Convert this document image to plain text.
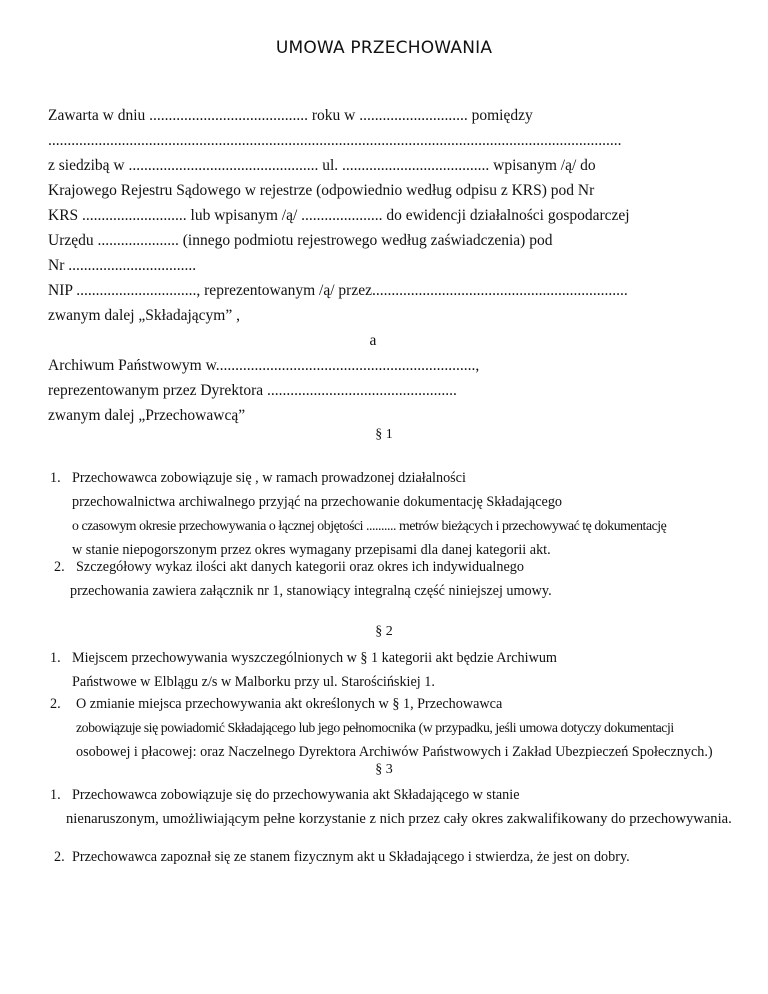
UMOWA PRZECHOWANIA
Zawarta w dniu ......................................... roku w ............................ pomiędzy
....................................................................................................................................................
z siedzibą w ................................................. ul. ...................................... wpisanym /ą/ do
Krajowego Rejestru Sądowego w rejestrze (odpowiednio według odpisu z KRS) pod Nr
KRS ........................... lub wpisanym /ą/ ..................... do ewidencji działalności gospodarczej
Urzędu ..................... (innego podmiotu rejestrowego według zaświadczenia) pod
Nr .................................
NIP ..............................., reprezentowanym /ą/ przez..................................................................
zwanym dalej „Składającym” ,
a
Archiwum Państwowym w...................................................................,
reprezentowanym przez Dyrektora .................................................
zwanym dalej „Przechowawcą”
§ 1
1. Przechowawca zobowiązuje się , w ramach prowadzonej działalności
przechowalnictwa archiwalnego przyjąć na przechowanie dokumentację Składającego
o czasowym okresie przechowywania o łącznej objętości .......... metrów bieżących i przechowywać tę dokumentację
w stanie niepogorszonym przez okres wymagany przepisami dla danej kategorii akt.
2. Szczegółowy wykaz ilości akt danych kategorii oraz okres ich indywidualnego
przechowania zawiera załącznik nr 1, stanowiący integralną część niniejszej umowy.
§ 2
1. Miejscem przechowywania wyszczególnionych w § 1 kategorii akt będzie Archiwum
Państwowe w Elblągu z/s w Malborku przy ul. Starościńskiej 1.
2. O zmianie miejsca przechowywania akt określonych w § 1, Przechowawca
zobowiązuje się powiadomić Składającego lub jego pełnomocnika (w przypadku, jeśli umowa dotyczy dokumentacji
osobowej i płacowej: oraz Naczelnego Dyrektora Archiwów Państwowych i Zakład Ubezpieczeń Społecznych.)
§ 3
1. Przechowawca zobowiązuje się do przechowywania akt Składającego w stanie
nienaruszonym, umożliwiającym pełne korzystanie z nich przez cały okres zakwalifikowany do przechowywania.
2. Przechowawca zapoznał się ze stanem fizycznym akt u Składającego i stwierdza, że jest on dobry.
